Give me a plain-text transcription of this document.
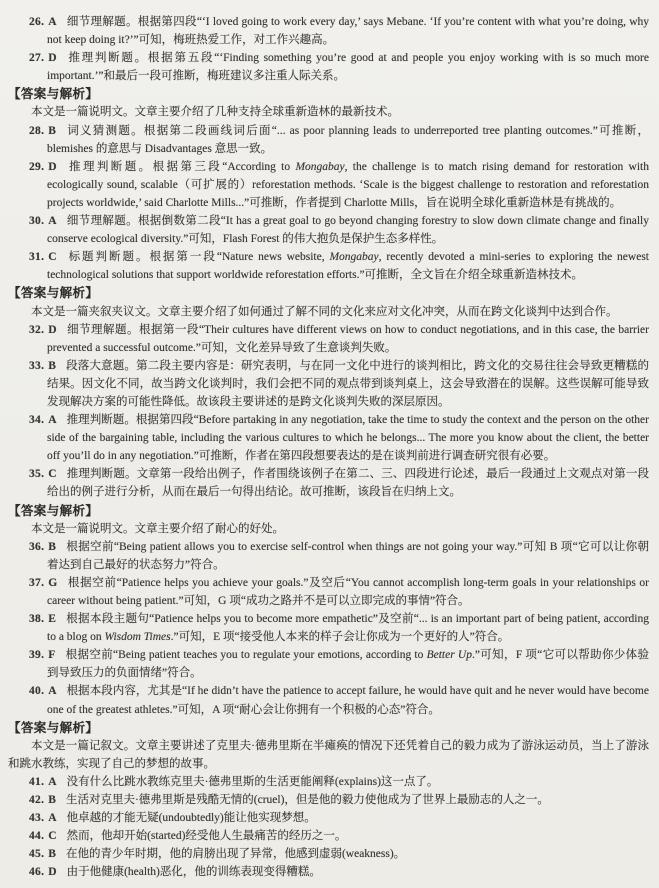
26. A 细节理解题。根据第四段“‘I loved going to work every day,’ says Mebane. ‘If you’re content with what you’re doing, why not keep doing it?’”可知，梅班热爱工作，对工作兴趣高。
27. D 推理判断题。根据第五段“‘Finding something you’re good at and people you enjoy working with is so much more important.’”和最后一段可推断，梅班建议多注重人际关系。
【答案与解析】
本文是一篇说明文。文章主要介绍了几种支持全球重新造林的最新技术。
28. B 词义猜测题。根据第二段画线词后面“... as poor planning leads to underreported tree planting outcomes.”可推断，blemishes 的意思与 Disadvantages 意思一致。
29. D 推理判断题。根据第三段“According to Mongabay, the challenge is to match rising demand for restoration with ecologically sound, scalable（可扩展的）reforestation methods. ‘Scale is the biggest challenge to restoration and reforestation projects worldwide,’ said Charlotte Mills...”可推断，作者提到 Charlotte Mills，旨在说明全球化重新造林是有挑战的。
30. A 细节理解题。根据倒数第二段“It has a great goal to go beyond changing forestry to slow down climate change and finally conserve ecological diversity.”可知，Flash Forest 的伟大抱负是保护生态多样性。
31. C 标题判断题。根据第一段“Nature news website, Mongabay, recently devoted a mini-series to exploring the newest technological solutions that support worldwide reforestation efforts.”可推断，全文旨在介绍全球重新造林技术。
【答案与解析】
本文是一篇夹叙夹议文。文章主要介绍了如何通过了解不同的文化来应对文化冲突，从而在跨文化谈判中达到合作。
32. D 细节理解题。根据第一段“Their cultures have different views on how to conduct negotiations, and in this case, the barrier prevented a successful outcome.”可知，文化差异导致了生意谈判失败。
33. B 段落大意题。第二段主要内容是：研究表明，与在同一文化中进行的谈判相比，跨文化的交易往往会导致更糟糕的结果。因文化不同，故当跨文化谈判时，我们会把不同的观点带到谈判桌上，这会导致潜在的误解。这些误解可能导致发现解决方案的可能性降低。故该段主要讲述的是跨文化谈判失败的深层原因。
34. A 推理判断题。根据第四段“Before partaking in any negotiation, take the time to study the context and the person on the other side of the bargaining table, including the various cultures to which he belongs... The more you know about the client, the better off you’ll do in any negotiation.”可推断，作者在第四段想要表达的是在谈判前进行调查研究很有必要。
35. C 推理判断题。文章第一段给出例子，作者围绕该例子在第二、三、四段进行论述，最后一段通过上文观点对第一段给出的例子进行分析，从而在最后一句得出结论。故可推断，该段旨在归纳上文。
【答案与解析】
本文是一篇说明文。文章主要介绍了耐心的好处。
36. B 根据空前“Being patient allows you to exercise self-control when things are not going your way.”可知 B 项“它可以让你朝着达到自己最好的状态努力”符合。
37. G 根据空前“Patience helps you achieve your goals.”及空后“You cannot accomplish long-term goals in your relationships or career without being patient.”可知，G 项“成功之路并不是可以立即完成的事情”符合。
38. E 根据本段主题句“Patience helps you to become more empathetic”及空前“... is an important part of being patient, according to a blog on Wisdom Times.”可知，E 项“接受他人本来的样子会让你成为一个更好的人”符合。
39. F 根据空前“Being patient teaches you to regulate your emotions, according to Better Up.”可知，F 项“它可以帮助你少体验到导致压力的负面情绪”符合。
40. A 根据本段内容，尤其是“If he didn’t have the patience to accept failure, he would have quit and he never would have become one of the greatest athletes.”可知，A 项“耐心会让你拥有一个积极的心态”符合。
【答案与解析】
本文是一篇记叙文。文章主要讲述了克里夫·德弗里斯在半瘫痪的情况下还凭着自己的毅力成为了游泳运动员，当上了游泳和跳水教练，实现了自己的梦想的故事。
41. A 没有什么比跳水教练克里夫·德弗里斯的生活更能阐释(explains)这一点了。
42. B 生活对克里夫·德弗里斯是残酷无情的(cruel)，但是他的毅力使他成为了世界上最励志的人之一。
43. A 他卓越的才能无疑(undoubtedly)能让他实现梦想。
44. C 然而，他却开始(started)经受他人生最痛苦的经历之一。
45. B 在他的青少年时期，他的肩膀出现了异常，他感到虚弱(weakness)。
46. D 由于他健康(health)恶化，他的训练表现变得糟糕。
